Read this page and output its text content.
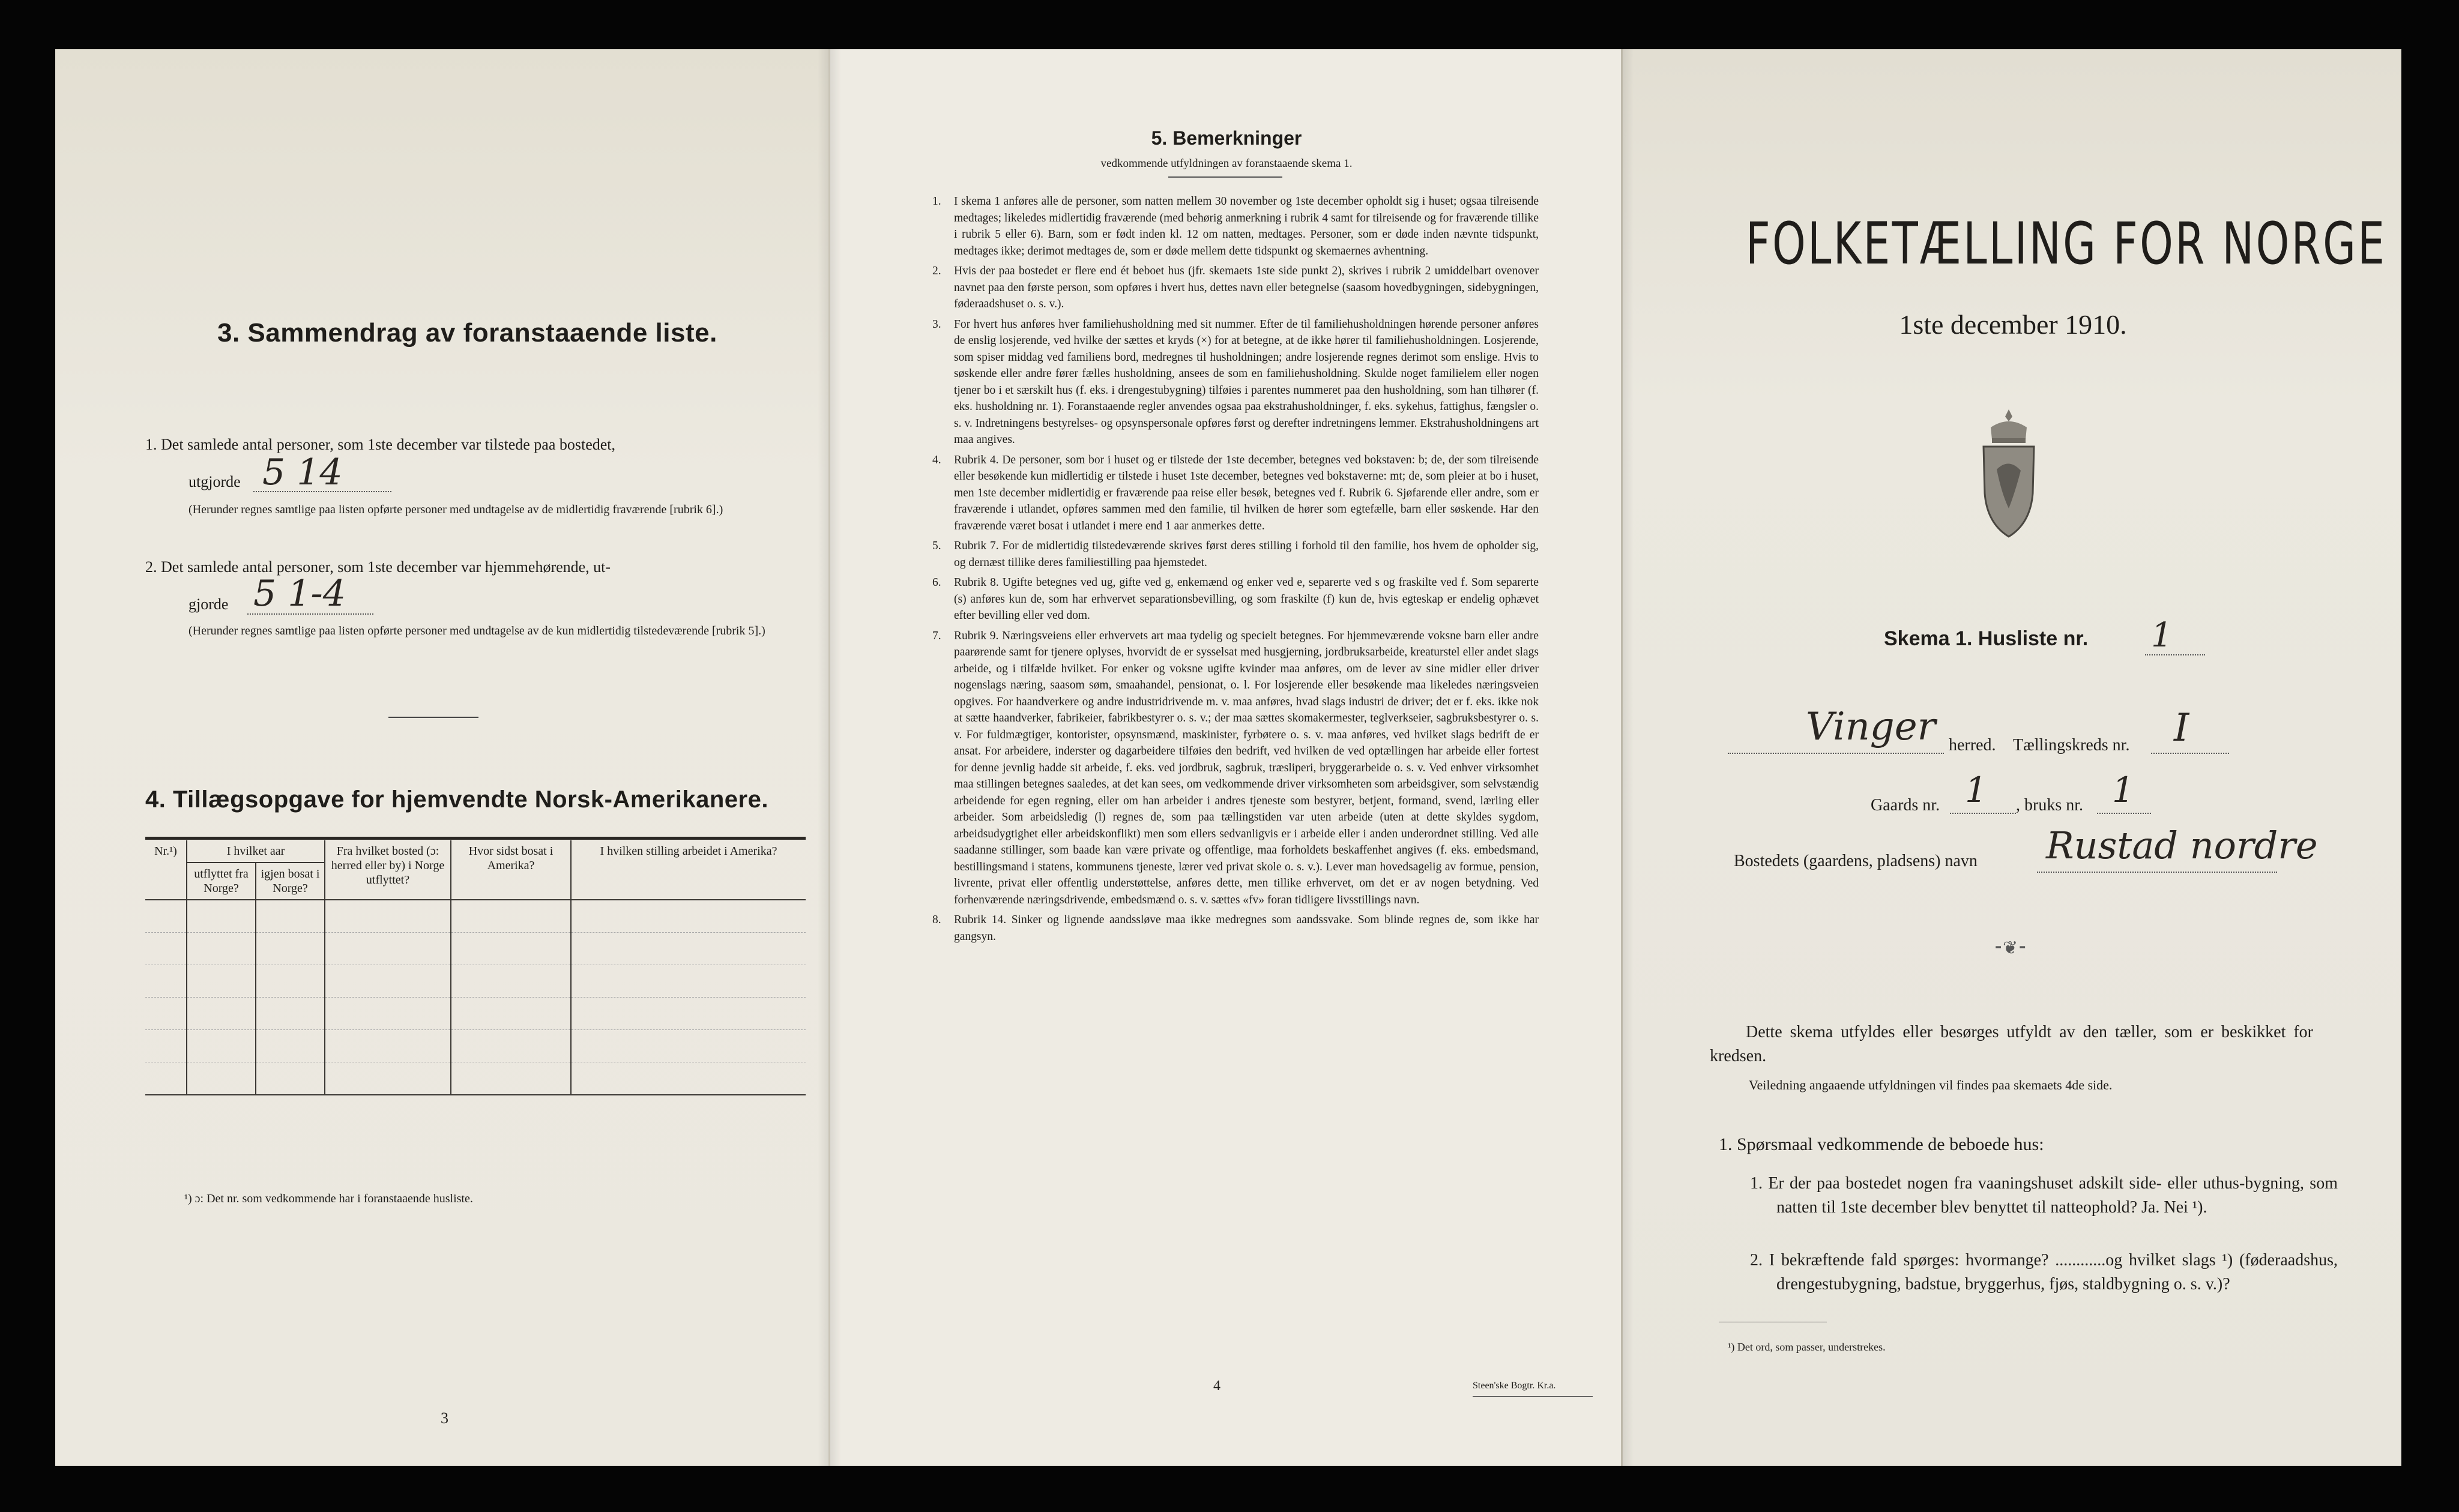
3. Sammendrag av foranstaaende liste.
1. Det samlede antal personer, som 1ste december var tilstede paa bostedet,
utgjorde 5 14
(Herunder regnes samtlige paa listen opførte personer med undtagelse av de midlertidig fraværende [rubrik 6].)
2. Det samlede antal personer, som 1ste december var hjemmehørende, ut-
gjorde 5 1-4
(Herunder regnes samtlige paa listen opførte personer med undtagelse av de kun midlertidig tilstedeværende [rubrik 5].)
4. Tillægsopgave for hjemvendte Norsk-Amerikanere.
Nr.¹)	I hvilket aar		Fra hvilket bosted (ɔ: herred eller by) i Norge utflyttet?	Hvor sidst bosat i Amerika?	I hvilken stilling arbeidet i Amerika?
	utflyttet fra Norge?	igjen bosat i Norge?			

¹) ɔ: Det nr. som vedkommende har i foranstaaende husliste.
3
5. Bemerkninger
vedkommende utfyldningen av foranstaaende skema 1.
1. I skema 1 anføres alle de personer, som natten mellem 30 november og 1ste december opholdt sig i huset; ogsaa tilreisende medtages; likeledes midlertidig fraværende (med behørig anmerkning i rubrik 4 samt for tilreisende og for fraværende tillike i rubrik 5 eller 6). Barn, som er født inden kl. 12 om natten, medtages. Personer, som er døde inden nævnte tidspunkt, medtages ikke; derimot medtages de, som er døde mellem dette tidspunkt og skemaernes avhentning.

2. Hvis der paa bostedet er flere end ét beboet hus (jfr. skemaets 1ste side punkt 2), skrives i rubrik 2 umiddelbart ovenover navnet paa den første person, som opføres i hvert hus, dettes navn eller betegnelse (saasom hovedbygningen, sidebygningen, føderaadshuset o. s. v.).

3. For hvert hus anføres hver familiehusholdning med sit nummer. Efter de til familiehusholdningen hørende personer anføres de enslig losjerende, ved hvilke der sættes et kryds (×) for at betegne, at de ikke hører til familiehusholdningen. Losjerende, som spiser middag ved familiens bord, medregnes til husholdningen; andre losjerende regnes derimot som enslige. Hvis to søskende eller andre fører fælles husholdning, ansees de som en familiehusholdning. Skulde noget familielem eller nogen tjener bo i et særskilt hus (f. eks. i drengestubygning) tilføies i parentes nummeret paa den husholdning, som han tilhører (f. eks. husholdning nr. 1). Foranstaaende regler anvendes ogsaa paa ekstrahusholdninger, f. eks. sykehus, fattighus, fængsler o. s. v. Indretningens bestyrelses- og opsynspersonale opføres først og derefter indretningens lemmer. Ekstrahusholdningens art maa angives.

4. Rubrik 4. De personer, som bor i huset og er tilstede der 1ste december, betegnes ved bokstaven: b; de, der som tilreisende eller besøkende kun midlertidig er tilstede i huset 1ste december, betegnes ved bokstaverne: mt; de, som pleier at bo i huset, men 1ste december midlertidig er fraværende paa reise eller besøk, betegnes ved f. Rubrik 6. Sjøfarende eller andre, som er fraværende i utlandet, opføres sammen med den familie, til hvilken de hører som egtefælle, barn eller søskende. Har den fraværende været bosat i utlandet i mere end 1 aar anmerkes dette.

5. Rubrik 7. For de midlertidig tilstedeværende skrives først deres stilling i forhold til den familie, hos hvem de opholder sig, og dernæst tillike deres familiestilling paa hjemstedet.

6. Rubrik 8. Ugifte betegnes ved ug, gifte ved g, enkemænd og enker ved e, separerte ved s og fraskilte ved f. Som separerte (s) anføres kun de, som har erhvervet separationsbevilling, og som fraskilte (f) kun de, hvis egteskap er endelig ophævet efter bevilling eller ved dom.

7. Rubrik 9. Næringsveiens eller erhvervets art maa tydelig og specielt betegnes. For hjemmeværende voksne barn eller andre paarørende samt for tjenere oplyses, hvorvidt de er sysselsat med husgjerning, jordbruksarbeide, kreaturstel eller andet slags arbeide, og i tilfælde hvilket. For enker og voksne ugifte kvinder maa anføres, om de lever av sine midler eller driver nogenslags næring, saasom søm, smaahandel, pensionat, o. l. For losjerende eller besøkende maa likeledes næringsveien opgives. For haandverkere og andre industridrivende m. v. maa anføres, hvad slags industri de driver; det er f. eks. ikke nok at sætte haandverker, fabrikeier, fabrikbestyrer o. s. v.; der maa sættes skomakermester, teglverkseier, sagbruksbestyrer o. s. v. For fuldmægtiger, kontorister, opsynsmænd, maskinister, fyrbøtere o. s. v. maa anføres, ved hvilket slags bedrift de er ansat. For arbeidere, inderster og dagarbeidere tilføies den bedrift, ved hvilken de ved optællingen har arbeide eller fortest for denne jevnlig hadde sit arbeide, f. eks. ved jordbruk, sagbruk, træsliperi, bryggerarbeide o. s. v. Ved enhver virksomhet maa stillingen betegnes saaledes, at det kan sees, om vedkommende driver virksomheten som arbeidsgiver, som selvstændig arbeidende for egen regning, eller om han arbeider i andres tjeneste som bestyrer, betjent, formand, svend, lærling eller arbeider. Som arbeidsledig (l) regnes de, som paa tællingstiden var uten arbeide (uten at dette skyldes sygdom, arbeidsudygtighet eller arbeidskonflikt) men som ellers sedvanligvis er i arbeide eller i anden underordnet stilling. Ved alle saadanne stillinger, som baade kan være private og offentlige, maa forholdets beskaffenhet angives (f. eks. embedsmand, bestillingsmand i statens, kommunens tjeneste, lærer ved privat skole o. s. v.). Lever man hovedsagelig av formue, pension, livrente, privat eller offentlig understøttelse, anføres dette, men tillike erhvervet, om det er av nogen betydning. Ved forhenværende næringsdrivende, embedsmænd o. s. v. sættes «fv» foran tidligere livsstillings navn.

8. Rubrik 14. Sinker og lignende aandssløve maa ikke medregnes som aandssvake. Som blinde regnes de, som ikke har gangsyn.

4	Steen'ske Bogtr. Kr.a.
FOLKETÆLLING FOR NORGE
1ste december 1910.
Skema 1. Husliste nr. 1
Vinger herred. Tællingskreds nr. I
Gaards nr. 1 , bruks nr. 1
Bostedets (gaardens, pladsens) navn Rustad nordre
⁃❦⁃
Dette skema utfyldes eller besørges utfyldt av den tæller, som er beskikket for kredsen.
Veiledning angaaende utfyldningen vil findes paa skemaets 4de side.
1. Spørsmaal vedkommende de beboede hus:
1. Er der paa bostedet nogen fra vaaningshuset adskilt side- eller uthus-bygning, som natten til 1ste december blev benyttet til natteophold? Ja. Nei ¹).
2. I bekræftende fald spørges: hvormange? ............og hvilket slags ¹) (føderaadshus, drengestubygning, badstue, bryggerhus, fjøs, staldbygning o. s. v.)?
¹) Det ord, som passer, understrekes.
